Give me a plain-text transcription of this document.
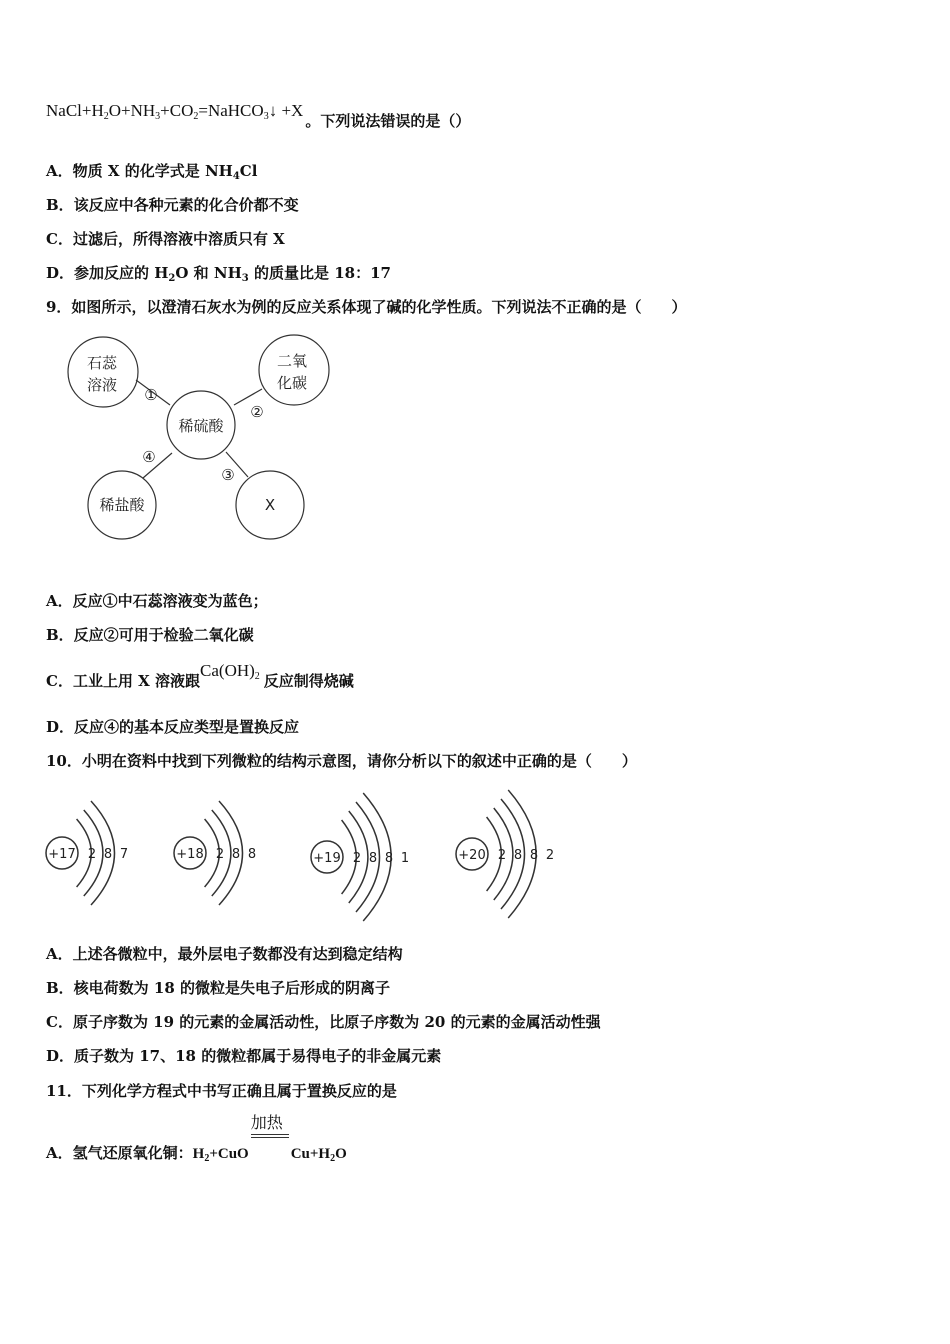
$NaCl+H_2O+NH_3+CO_2=NaHCO_3↓ +X$。下列说法错误的是（）
A．物质 X 的化学式是 $NH_4Cl$
B．该反应中各种元素的化合价都不变
C．过滤后，所得溶液中溶质只有 X
D．参加反应的 $H_2O$ 和 $NH_3$ 的质量比是 18：17
9．如图所示，以澄清石灰水为例的反应关系体现了碱的化学性质。下列说法不正确的是（　　）
稀硫酸
石蕊
溶液
二氧
化碳
X
稀盐酸
①
②
③
④
A．反应①中石蕊溶液变为蓝色；
B．反应②可用于检验二氧化碳
C．工业上用 X 溶液跟$Ca(OH)_2$ 反应制得烧碱
D．反应④的基本反应类型是置换反应
10．小明在资料中找到下列微粒的结构示意图，请你分析以下的叙述中正确的是（　　）
+17 2 8 7	+18 2 8 8	+19 2 8 8 1	+20 2 8 8 2
A．上述各微粒中，最外层电子数都没有达到稳定结构
B．核电荷数为 18 的微粒是失电子后形成的阴离子
C．原子序数为 19 的元素的金属活动性，比原子序数为 20 的元素的金属活动性强
D．质子数为 17、18 的微粒都属于易得电子的非金属元素
11．下列化学方程式中书写正确且属于置换反应的是
A．氢气还原氧化铜：$H_2+CuO$
加热
$Cu+H_2O$
